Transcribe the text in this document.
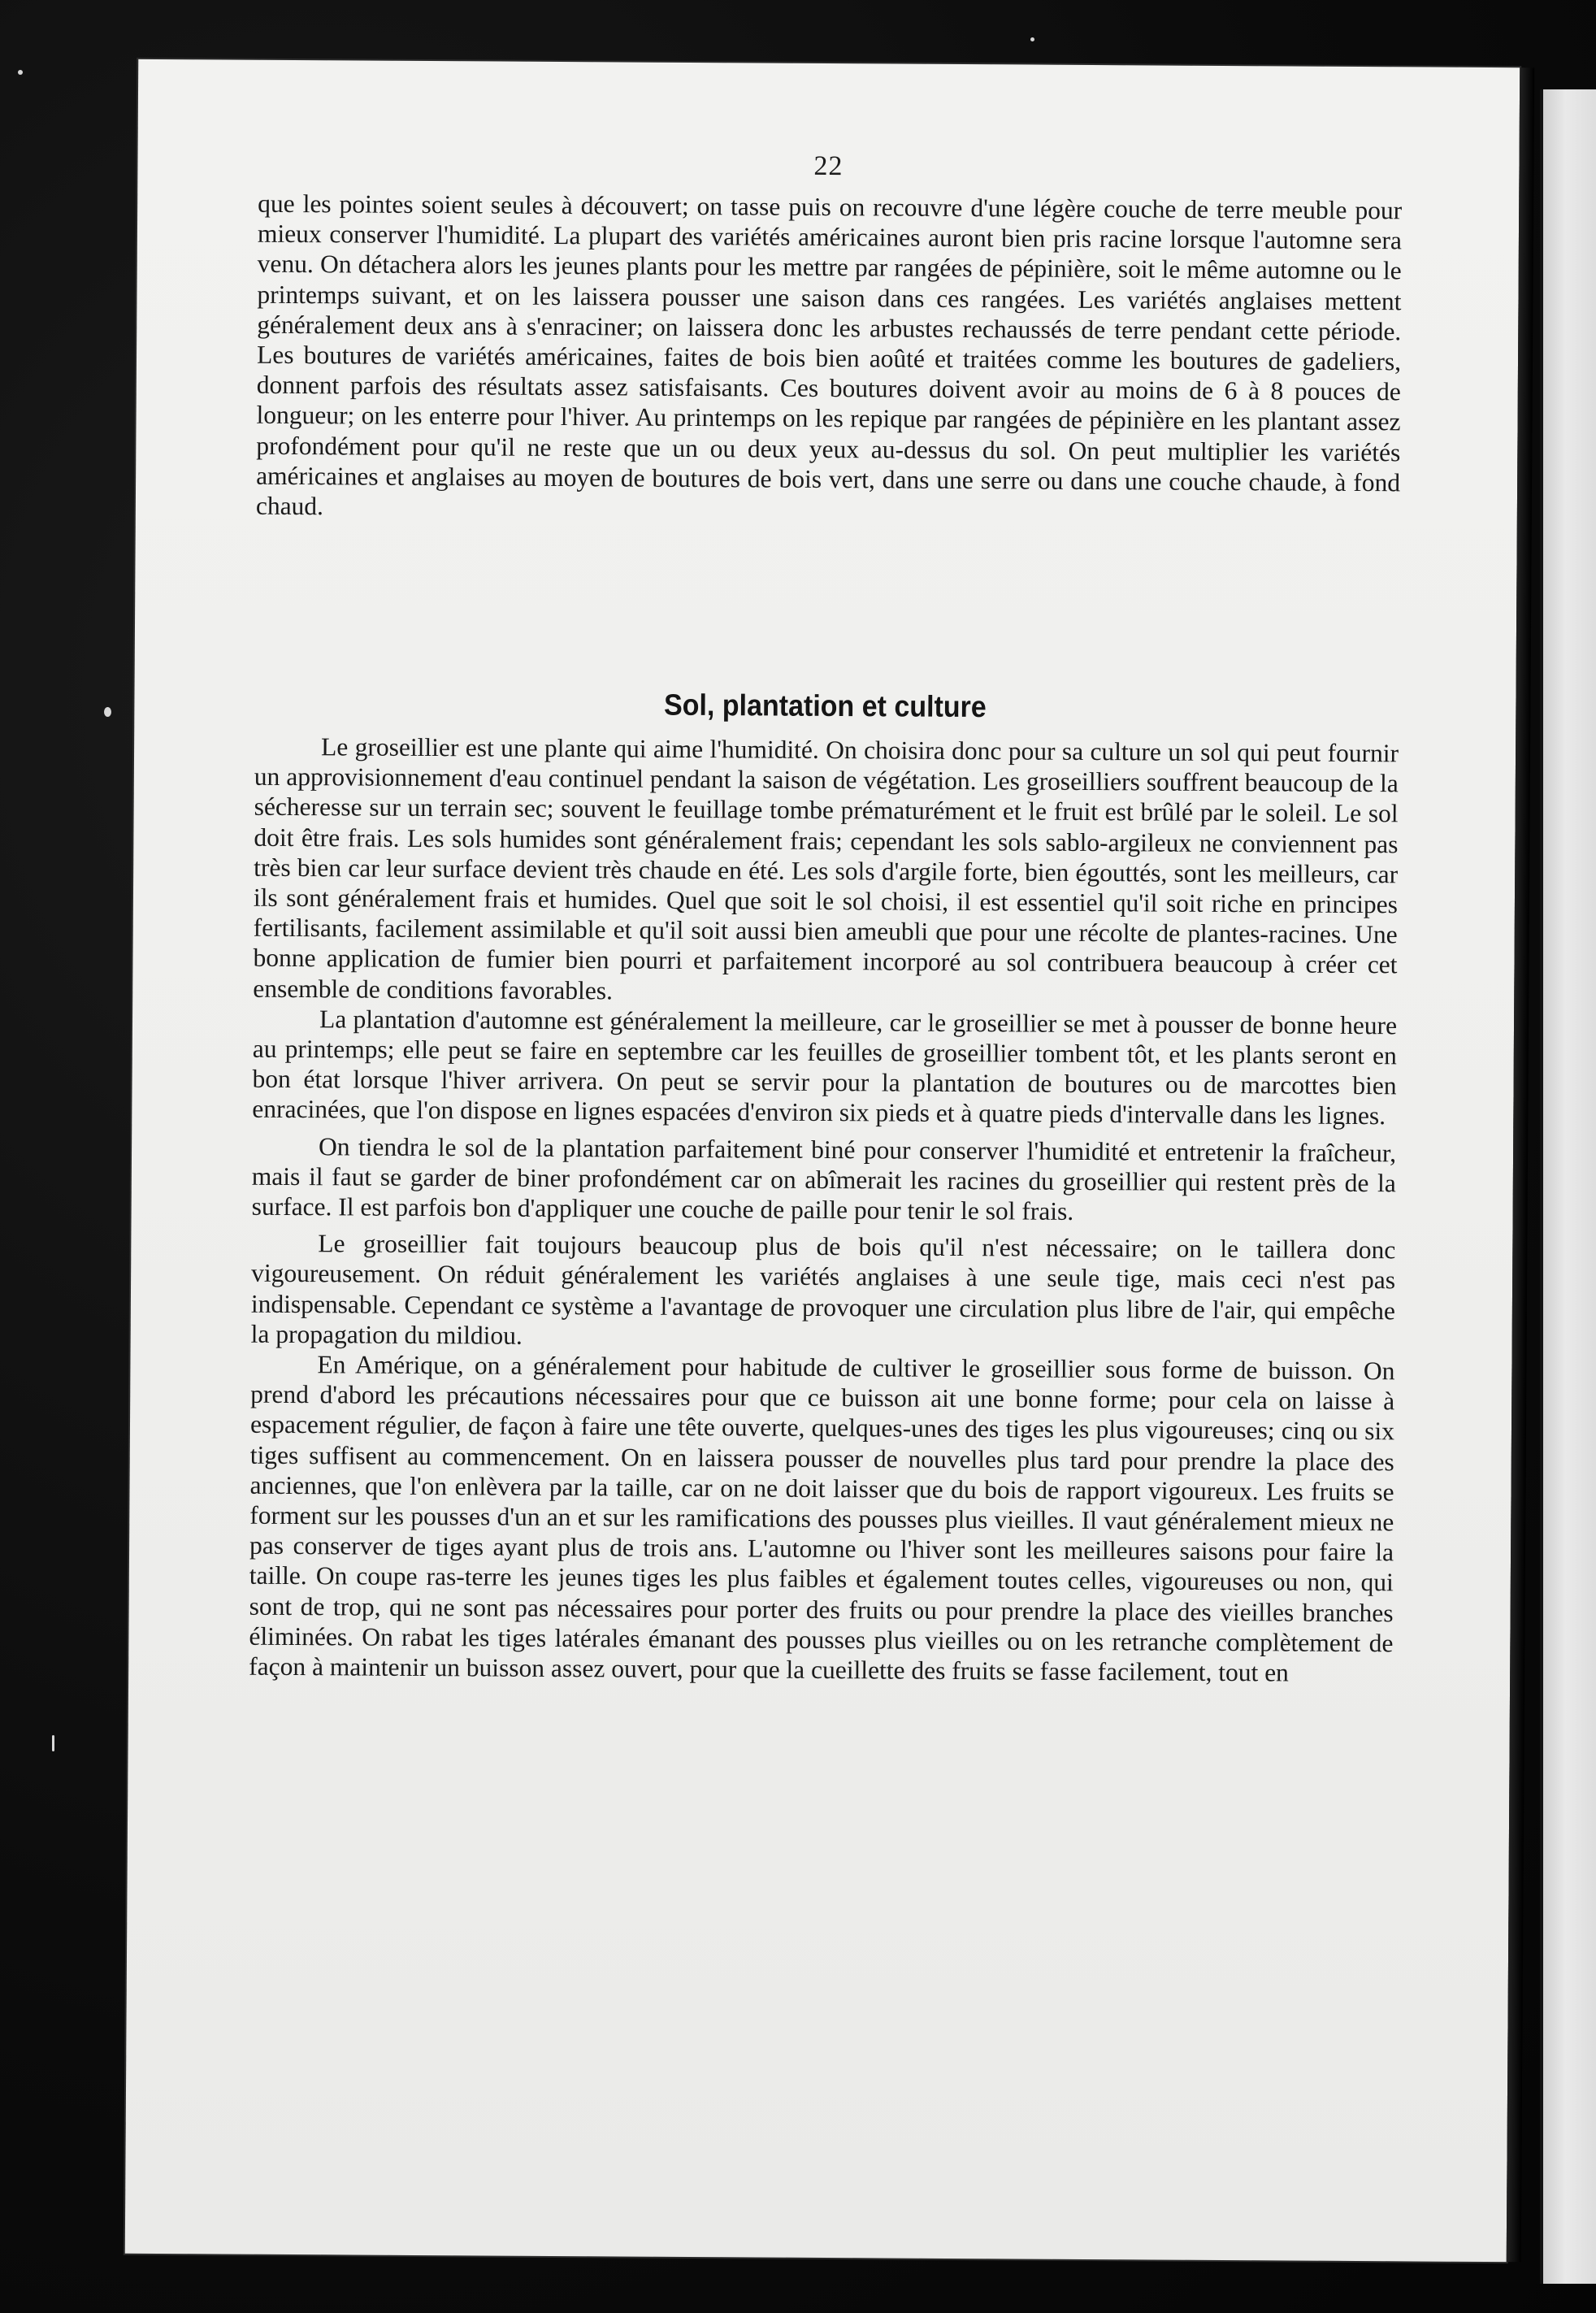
22

que les pointes soient seules à découvert; on tasse puis on recouvre d'une légère couche de terre meuble pour mieux conserver l'humidité. La plupart des variétés américaines auront bien pris racine lorsque l'automne sera venu. On détachera alors les jeunes plants pour les mettre par rangées de pépinière, soit le même automne ou le printemps suivant, et on les laissera pousser une saison dans ces rangées. Les variétés anglaises mettent généralement deux ans à s'enraciner; on laissera donc les arbustes rechaussés de terre pendant cette période. Les boutures de variétés américaines, faites de bois bien aoûté et traitées comme les boutures de gadeliers, donnent parfois des résultats assez satisfaisants. Ces boutures doivent avoir au moins de 6 à 8 pouces de longueur; on les enterre pour l'hiver. Au printemps on les repique par rangées de pépinière en les plantant assez profondément pour qu'il ne reste que un ou deux yeux au-dessus du sol. On peut multiplier les variétés américaines et anglaises au moyen de boutures de bois vert, dans une serre ou dans une couche chaude, à fond chaud.

Sol, plantation et culture

Le groseillier est une plante qui aime l'humidité. On choisira donc pour sa culture un sol qui peut fournir un approvisionnement d'eau continuel pendant la saison de végétation. Les groseilliers souffrent beaucoup de la sécheresse sur un terrain sec; souvent le feuillage tombe prématurément et le fruit est brûlé par le soleil. Le sol doit être frais. Les sols humides sont généralement frais; cependant les sols sablo-argileux ne conviennent pas très bien car leur surface devient très chaude en été. Les sols d'argile forte, bien égouttés, sont les meilleurs, car ils sont généralement frais et humides. Quel que soit le sol choisi, il est essentiel qu'il soit riche en principes fertilisants, facilement assimilable et qu'il soit aussi bien ameubli que pour une récolte de plantes-racines. Une bonne application de fumier bien pourri et parfaitement incorporé au sol contribuera beaucoup à créer cet ensemble de conditions favorables.

La plantation d'automne est généralement la meilleure, car le groseillier se met à pousser de bonne heure au printemps; elle peut se faire en septembre car les feuilles de groseillier tombent tôt, et les plants seront en bon état lorsque l'hiver arrivera. On peut se servir pour la plantation de boutures ou de marcottes bien enracinées, que l'on dispose en lignes espacées d'environ six pieds et à quatre pieds d'intervalle dans les lignes.

On tiendra le sol de la plantation parfaitement biné pour conserver l'humidité et entretenir la fraîcheur, mais il faut se garder de biner profondément car on abîmerait les racines du groseillier qui restent près de la surface. Il est parfois bon d'appliquer une couche de paille pour tenir le sol frais.

Le groseillier fait toujours beaucoup plus de bois qu'il n'est nécessaire; on le taillera donc vigoureusement. On réduit généralement les variétés anglaises à une seule tige, mais ceci n'est pas indispensable. Cependant ce système a l'avantage de provoquer une circulation plus libre de l'air, qui empêche la propagation du mildiou.

En Amérique, on a généralement pour habitude de cultiver le groseillier sous forme de buisson. On prend d'abord les précautions nécessaires pour que ce buisson ait une bonne forme; pour cela on laisse à espacement régulier, de façon à faire une tête ouverte, quelques-unes des tiges les plus vigoureuses; cinq ou six tiges suffisent au commencement. On en laissera pousser de nouvelles plus tard pour prendre la place des anciennes, que l'on enlèvera par la taille, car on ne doit laisser que du bois de rapport vigoureux. Les fruits se forment sur les pousses d'un an et sur les ramifications des pousses plus vieilles. Il vaut généralement mieux ne pas conserver de tiges ayant plus de trois ans. L'automne ou l'hiver sont les meilleures saisons pour faire la taille. On coupe ras-terre les jeunes tiges les plus faibles et également toutes celles, vigoureuses ou non, qui sont de trop, qui ne sont pas nécessaires pour porter des fruits ou pour prendre la place des vieilles branches éliminées. On rabat les tiges latérales émanant des pousses plus vieilles ou on les retranche complètement de façon à maintenir un buisson assez ouvert, pour que la cueillette des fruits se fasse facilement, tout en
